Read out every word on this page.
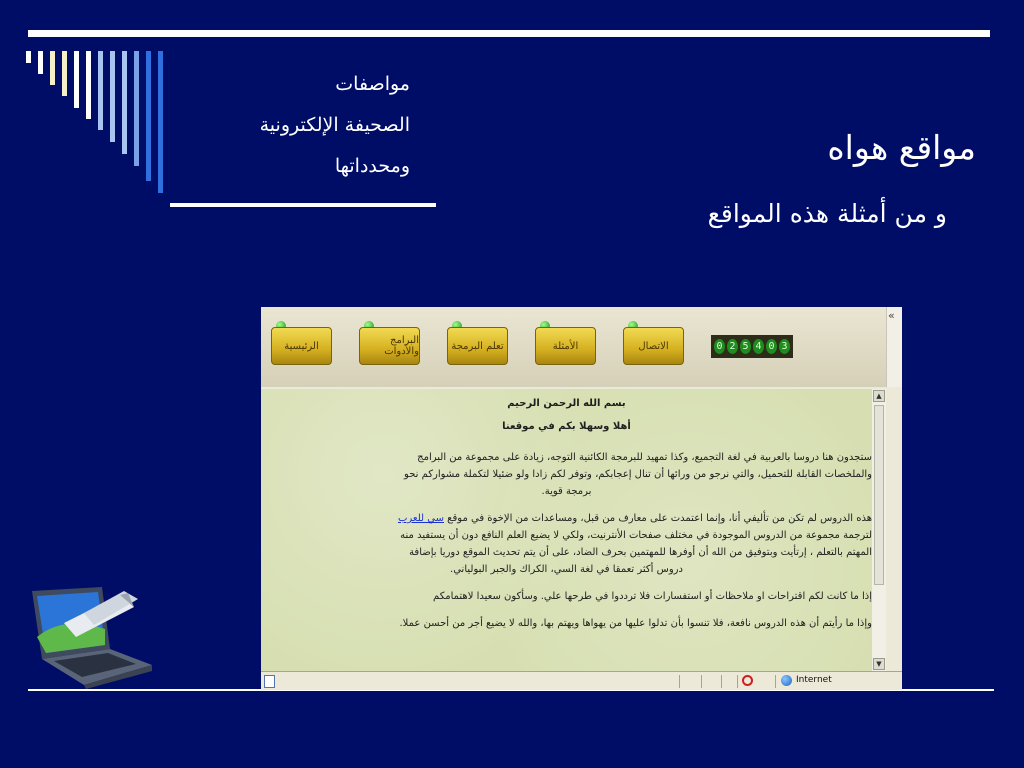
مواصفات
الصحيفة الإلكترونية
ومحدداتها	مواقع هواه
و من أمثلة هذه المواقع
الرئيسية	البرامج والأدوات	تعلم البرمجة	الأمثلة	الاتصال	0 2 5 4 0 3
«

بسم الله الرحمن الرحيم

أهلا وسهلا بكم في موقعنا

ستجدون هنا دروسا بالعربية في لغة التجميع، وكذا تمهيد للبرمجة الكائنية التوجه، زيادة على مجموعة من البرامج

والملخصات القابلة للتحميل، والتي نرجو من ورائها أن تنال إعجابكم، وتوفر لكم زادا ولو ضئيلا لتكملة مشواركم نحو

برمجة قوية.

هذه الدروس لم تكن من تأليفي أنا، وإنما اعتمدت على معارف من قبل، ومساعدات من الإخوة في موقع سي للعرب

لترجمة مجموعة من الدروس الموجودة في مختلف صفحات الأنترنيت، ولكي لا يضيع العلم النافع دون أن يستفيد منه

المهتم بالتعلم ، إرتأيت وبتوفيق من الله أن أوفرها للمهتمين بحرف الضاد، على أن يتم تحديث الموقع دوريا بإضافة

دروس أكثر تعمقا في لغة السي، الكراك والجبر البولياني.

إذا ما كانت لكم اقتراحات او ملاحظات أو استفسارات فلا ترددوا في طرحها علي. وسأكون سعيدا لاهتمامكم

وإذا ما رأيتم أن هذه الدروس نافعة، فلا تنسوا بأن تدلوا عليها من يهواها ويهتم بها، والله لا يضيع أجر من أحسن عملا.

▲
▼
Internet
